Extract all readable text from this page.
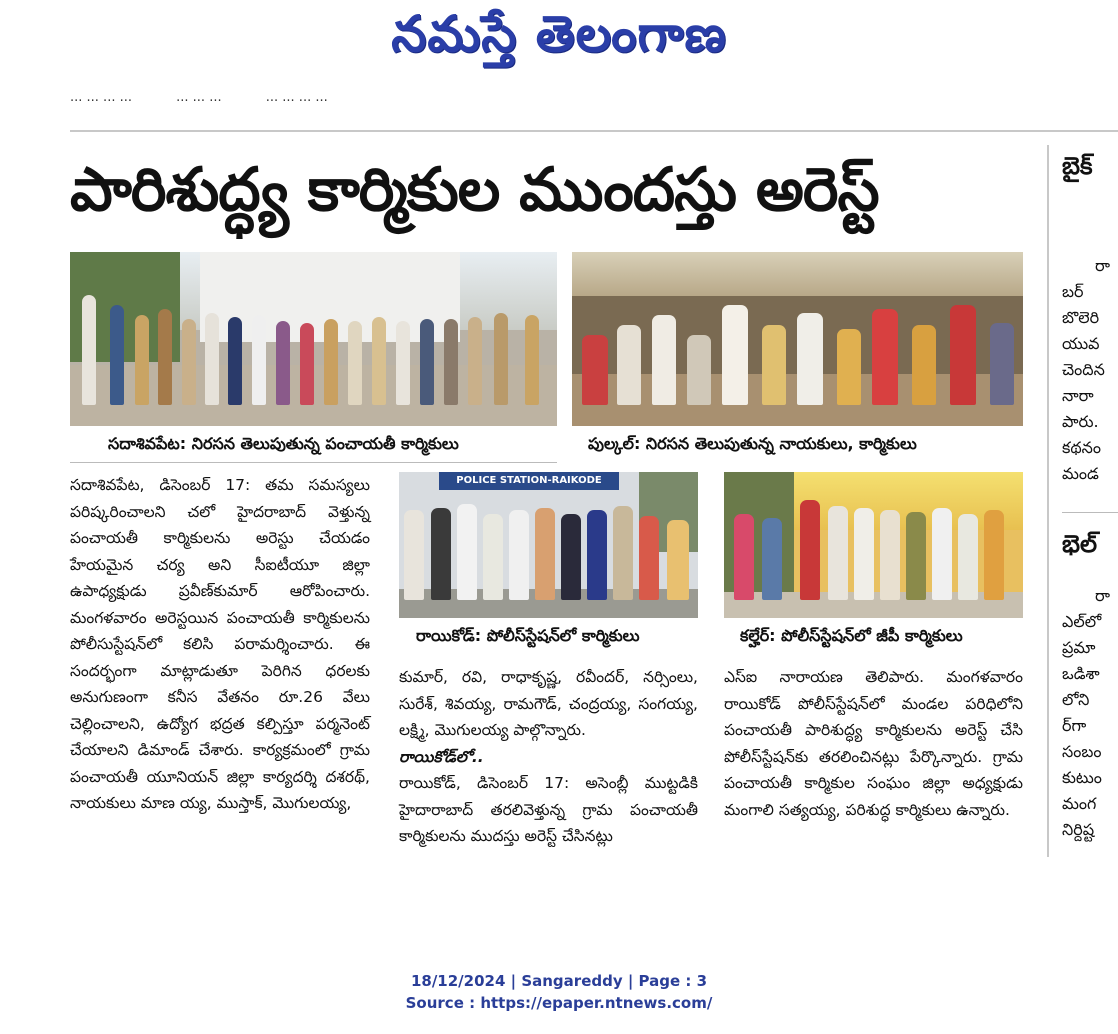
నమస్తే తెలంగాణ
... ... ... ...	... ... ...	... ... ... ...
పారిశుద్ధ్య కార్మికుల ముందస్తు అరెస్ట్
సదాశివపేట: నిరసన తెలుపుతున్న పంచాయతీ కార్మికులు	పుల్కల్: నిరసన తెలుపుతున్న నాయకులు, కార్మికులు

సదాశివపేట, డిసెంబర్ 17: తమ సమస్యలు పరిష్కరించాలని చలో హైదరాబాద్ వెళ్తున్న పంచాయతీ కార్మికులను అరెస్టు చేయడం హేయమైన చర్య అని సీఐటీయూ జిల్లా ఉపాధ్యక్షుడు ప్రవీణ్‌కుమార్ ఆరోపించారు. మంగళవారం అరెస్టయిన పంచాయతీ కార్మికులను పోలీసుస్టేషన్‌లో కలిసి పరామర్శించారు. ఈ సందర్భంగా మాట్లాడుతూ పెరిగిన ధరలకు అనుగుణంగా కనీస వేతనం రూ.26 వేలు చెల్లించాలని, ఉద్యోగ భద్రత కల్పిస్తూ పర్మనెంట్ చేయాలని డిమాండ్ చేశారు. కార్యక్రమంలో గ్రామ పంచాయతీ యూనియన్ జిల్లా కార్యదర్శి దశరథ్, నాయకులు మాణ య్య, ముస్తాక్, మొగులయ్య,

POLICE STATION-RAIKODE
రాయికోడ్: పోలీస్‌స్టేషన్‌లో కార్మికులు	కల్హేర్: పోలీస్‌స్టేషన్‌లో జీపీ కార్మికులు

కుమార్, రవి, రాధాకృష్ణ, రవీందర్, నర్సింలు, సురేశ్, శివయ్య, రామగౌడ్, చంద్రయ్య, సంగయ్య, లక్ష్మి, మొగులయ్య పాల్గొన్నారు.

రాయికోడ్‌లో..

రాయికోడ్, డిసెంబర్ 17: అసెంబ్లీ ముట్టడికి హైదారాబాద్ తరలివెళ్తున్న గ్రామ పంచాయతీ కార్మికులను ముదస్తు అరెస్ట్ చేసినట్లు

ఎస్ఐ నారాయణ తెలిపారు. మంగళవారం రాయికోడ్ పోలీస్‌స్టేషన్‌లో మండల పరిధిలోని పంచాయతీ పారిశుద్ధ్య కార్మికులను అరెస్ట్ చేసి పోలీస్‌స్టేషన్‌కు తరలించినట్లు పేర్కొన్నారు. గ్రామ పంచాయతీ కార్మికుల సంఘం జిల్లా అధ్యక్షుడు మంగాలి సత్యయ్య, పరిశుద్ధ కార్మికులు ఉన్నారు.

బైక్
రా
బర్
బొలెరి
యువ
చెందిన
నారా
పారు.
కథనం
మండ
భెల్
రా
ఎల్‌లో
ప్రమా
ఒడిశా
లోని
ర్‌గా
సంబం
కుటుం
మంగ
నిర్దిష్ట
18/12/2024 | Sangareddy | Page : 3
Source : https://epaper.ntnews.com/
